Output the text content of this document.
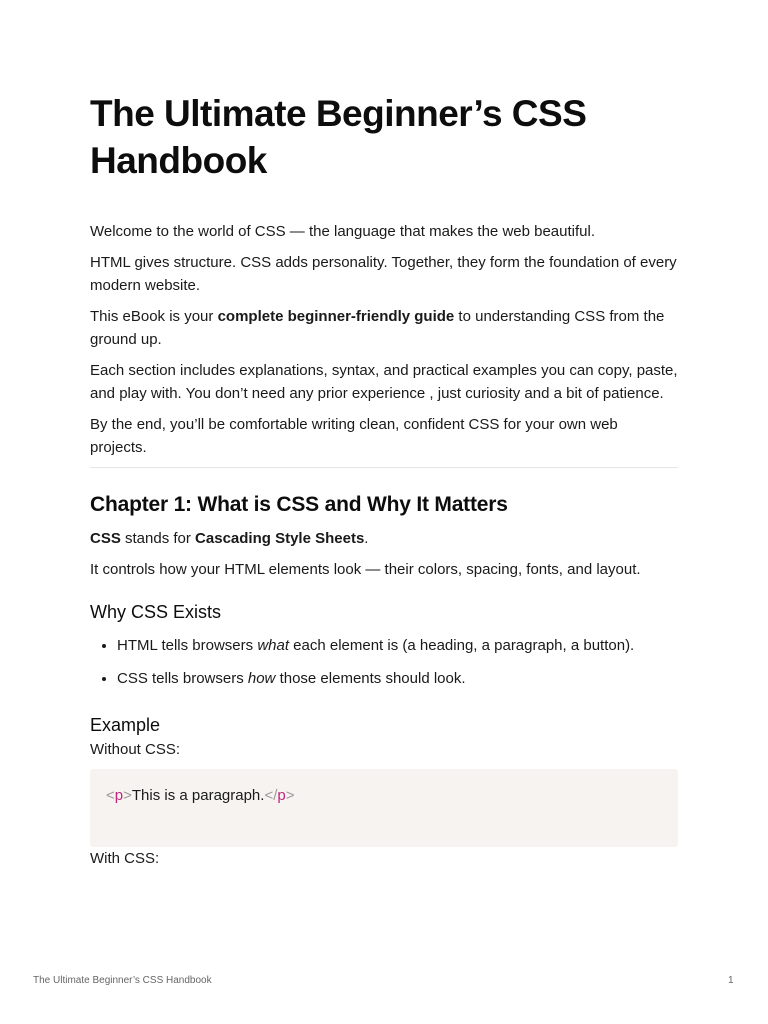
The Ultimate Beginner’s CSS Handbook

Welcome to the world of CSS — the language that makes the web beautiful.

HTML gives structure. CSS adds personality. Together, they form the foundation of every modern website.

This eBook is your complete beginner-friendly guide to understanding CSS from the ground up.

Each section includes explanations, syntax, and practical examples you can copy, paste, and play with. You don’t need any prior experience , just curiosity and a bit of patience.

By the end, you’ll be comfortable writing clean, confident CSS for your own web projects.

Chapter 1: What is CSS and Why It Matters

CSS stands for Cascading Style Sheets.

It controls how your HTML elements look — their colors, spacing, fonts, and layout.

Why CSS Exists
• HTML tells browsers what each element is (a heading, a paragraph, a button).
• CSS tells browsers how those elements should look.
Example

Without CSS:

<p>This is a paragraph.</p>

With CSS:

The Ultimate Beginner’s CSS Handbook	1
